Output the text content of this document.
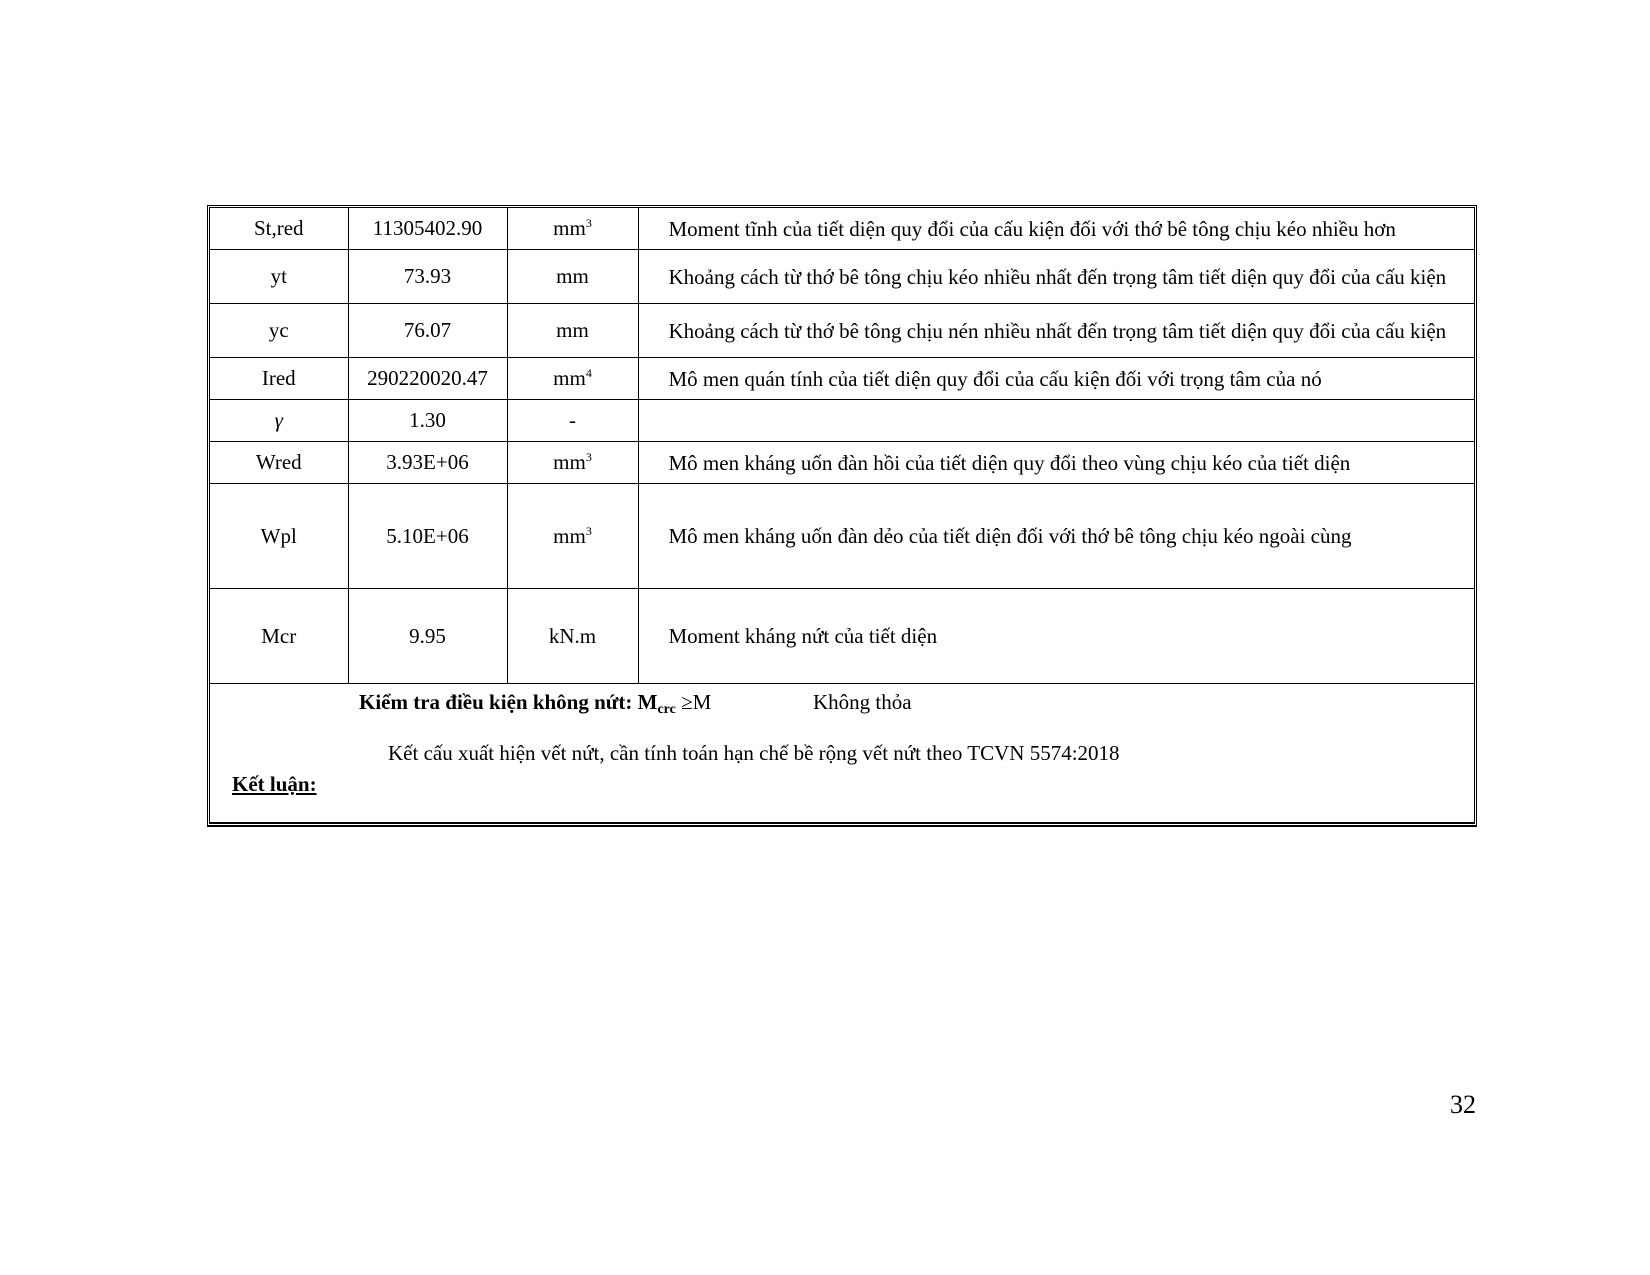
St,red	11305402.90	$mm^3$	Moment tĩnh của tiết diện quy đổi của cấu kiện đối với thớ bê tông chịu kéo nhiều hơn
yt	73.93	mm	Khoảng cách từ thớ bê tông chịu kéo nhiều nhất đến trọng tâm tiết diện quy đổi của cấu kiện
yc	76.07	mm	Khoảng cách từ thớ bê tông chịu nén nhiều nhất đến trọng tâm tiết diện quy đổi của cấu kiện
Ired	290220020.47	$mm^4$	Mô men quán tính của tiết diện quy đổi của cấu kiện đối với trọng tâm của nó
γ	1.30	-	
Wred	3.93E+06	$mm^3$	Mô men kháng uốn đàn hồi của tiết diện quy đổi theo vùng chịu kéo của tiết diện
Wpl	5.10E+06	$mm^3$	Mô men kháng uốn đàn dẻo của tiết diện đối với thớ bê tông chịu kéo ngoài cùng
Mcr	9.95	kN.m	Moment kháng nứt của tiết diện
Kiểm tra điều kiện không nứt: $M_{crc} \ge M$	Không thỏa
Kết cấu xuất hiện vết nứt, cần tính toán hạn chế bề rộng vết nứt theo TCVN 5574:2018
Kết luận:
32
